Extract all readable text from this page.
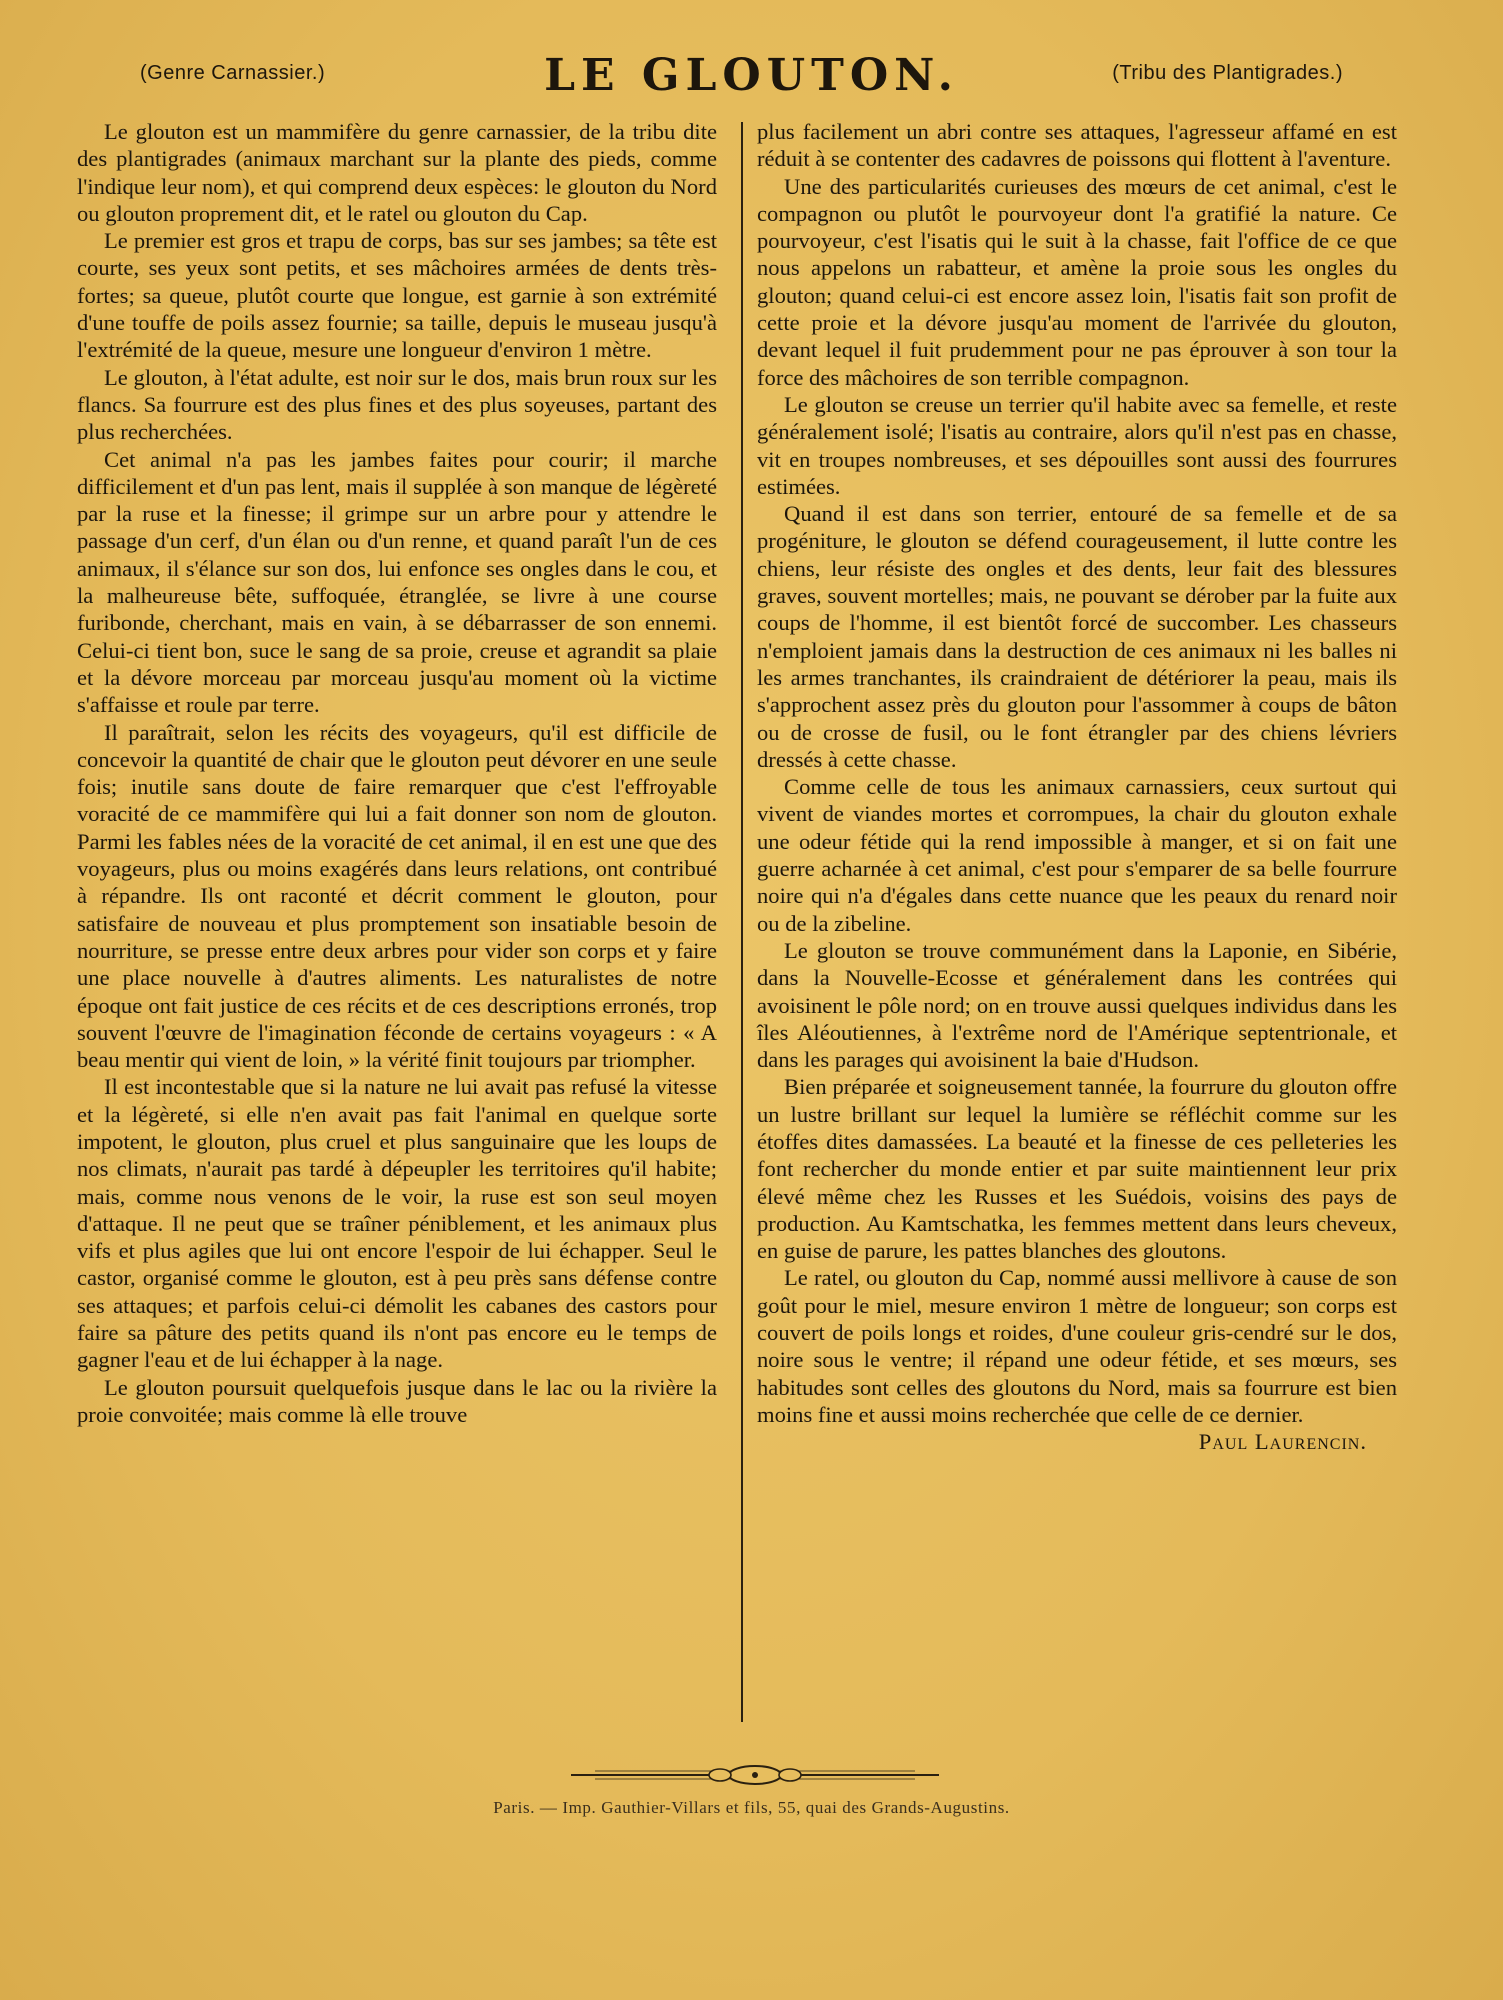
(Genre Carnassier.)	LE GLOUTON.	(Tribu des Plantigrades.)

Le glouton est un mammifère du genre carnassier, de la tribu dite des plantigrades (animaux marchant sur la plante des pieds, comme l'indique leur nom), et qui comprend deux espèces: le glouton du Nord ou glouton proprement dit, et le ratel ou glouton du Cap.

Le premier est gros et trapu de corps, bas sur ses jambes; sa tête est courte, ses yeux sont petits, et ses mâchoires armées de dents très-fortes; sa queue, plutôt courte que longue, est garnie à son extrémité d'une touffe de poils assez fournie; sa taille, depuis le museau jusqu'à l'extrémité de la queue, mesure une longueur d'environ 1 mètre.

Le glouton, à l'état adulte, est noir sur le dos, mais brun roux sur les flancs. Sa fourrure est des plus fines et des plus soyeuses, partant des plus recherchées.

Cet animal n'a pas les jambes faites pour courir; il marche difficilement et d'un pas lent, mais il supplée à son manque de légèreté par la ruse et la finesse; il grimpe sur un arbre pour y attendre le passage d'un cerf, d'un élan ou d'un renne, et quand paraît l'un de ces animaux, il s'élance sur son dos, lui enfonce ses ongles dans le cou, et la malheureuse bête, suffoquée, étranglée, se livre à une course furibonde, cherchant, mais en vain, à se débarrasser de son ennemi. Celui-ci tient bon, suce le sang de sa proie, creuse et agrandit sa plaie et la dévore morceau par morceau jusqu'au moment où la victime s'affaisse et roule par terre.

Il paraîtrait, selon les récits des voyageurs, qu'il est difficile de concevoir la quantité de chair que le glouton peut dévorer en une seule fois; inutile sans doute de faire remarquer que c'est l'effroyable voracité de ce mammifère qui lui a fait donner son nom de glouton. Parmi les fables nées de la voracité de cet animal, il en est une que des voyageurs, plus ou moins exagérés dans leurs relations, ont contribué à répandre. Ils ont raconté et décrit comment le glouton, pour satisfaire de nouveau et plus promptement son insatiable besoin de nourriture, se presse entre deux arbres pour vider son corps et y faire une place nouvelle à d'autres aliments. Les naturalistes de notre époque ont fait justice de ces récits et de ces descriptions erronés, trop souvent l'œuvre de l'imagination féconde de certains voyageurs : « A beau mentir qui vient de loin, » la vérité finit toujours par triompher.

Il est incontestable que si la nature ne lui avait pas refusé la vitesse et la légèreté, si elle n'en avait pas fait l'animal en quelque sorte impotent, le glouton, plus cruel et plus sanguinaire que les loups de nos climats, n'aurait pas tardé à dépeupler les territoires qu'il habite; mais, comme nous venons de le voir, la ruse est son seul moyen d'attaque. Il ne peut que se traîner péniblement, et les animaux plus vifs et plus agiles que lui ont encore l'espoir de lui échapper. Seul le castor, organisé comme le glouton, est à peu près sans défense contre ses attaques; et parfois celui-ci démolit les cabanes des castors pour faire sa pâture des petits quand ils n'ont pas encore eu le temps de gagner l'eau et de lui échapper à la nage.

Le glouton poursuit quelquefois jusque dans le lac ou la rivière la proie convoitée; mais comme là elle trouve

plus facilement un abri contre ses attaques, l'agresseur affamé en est réduit à se contenter des cadavres de poissons qui flottent à l'aventure.

Une des particularités curieuses des mœurs de cet animal, c'est le compagnon ou plutôt le pourvoyeur dont l'a gratifié la nature. Ce pourvoyeur, c'est l'isatis qui le suit à la chasse, fait l'office de ce que nous appelons un rabatteur, et amène la proie sous les ongles du glouton; quand celui-ci est encore assez loin, l'isatis fait son profit de cette proie et la dévore jusqu'au moment de l'arrivée du glouton, devant lequel il fuit prudemment pour ne pas éprouver à son tour la force des mâchoires de son terrible compagnon.

Le glouton se creuse un terrier qu'il habite avec sa femelle, et reste généralement isolé; l'isatis au contraire, alors qu'il n'est pas en chasse, vit en troupes nombreuses, et ses dépouilles sont aussi des fourrures estimées.

Quand il est dans son terrier, entouré de sa femelle et de sa progéniture, le glouton se défend courageusement, il lutte contre les chiens, leur résiste des ongles et des dents, leur fait des blessures graves, souvent mortelles; mais, ne pouvant se dérober par la fuite aux coups de l'homme, il est bientôt forcé de succomber. Les chasseurs n'emploient jamais dans la destruction de ces animaux ni les balles ni les armes tranchantes, ils craindraient de détériorer la peau, mais ils s'approchent assez près du glouton pour l'assommer à coups de bâton ou de crosse de fusil, ou le font étrangler par des chiens lévriers dressés à cette chasse.

Comme celle de tous les animaux carnassiers, ceux surtout qui vivent de viandes mortes et corrompues, la chair du glouton exhale une odeur fétide qui la rend impossible à manger, et si on fait une guerre acharnée à cet animal, c'est pour s'emparer de sa belle fourrure noire qui n'a d'égales dans cette nuance que les peaux du renard noir ou de la zibeline.

Le glouton se trouve communément dans la Laponie, en Sibérie, dans la Nouvelle-Ecosse et généralement dans les contrées qui avoisinent le pôle nord; on en trouve aussi quelques individus dans les îles Aléoutiennes, à l'extrême nord de l'Amérique septentrionale, et dans les parages qui avoisinent la baie d'Hudson.

Bien préparée et soigneusement tannée, la fourrure du glouton offre un lustre brillant sur lequel la lumière se réfléchit comme sur les étoffes dites damassées. La beauté et la finesse de ces pelleteries les font rechercher du monde entier et par suite maintiennent leur prix élevé même chez les Russes et les Suédois, voisins des pays de production. Au Kamtschatka, les femmes mettent dans leurs cheveux, en guise de parure, les pattes blanches des gloutons.

Le ratel, ou glouton du Cap, nommé aussi mellivore à cause de son goût pour le miel, mesure environ 1 mètre de longueur; son corps est couvert de poils longs et roides, d'une couleur gris-cendré sur le dos, noire sous le ventre; il répand une odeur fétide, et ses mœurs, ses habitudes sont celles des gloutons du Nord, mais sa fourrure est bien moins fine et aussi moins recherchée que celle de ce dernier.
Paul Laurencin.

Paris. — Imp. Gauthier-Villars et fils, 55, quai des Grands-Augustins.
